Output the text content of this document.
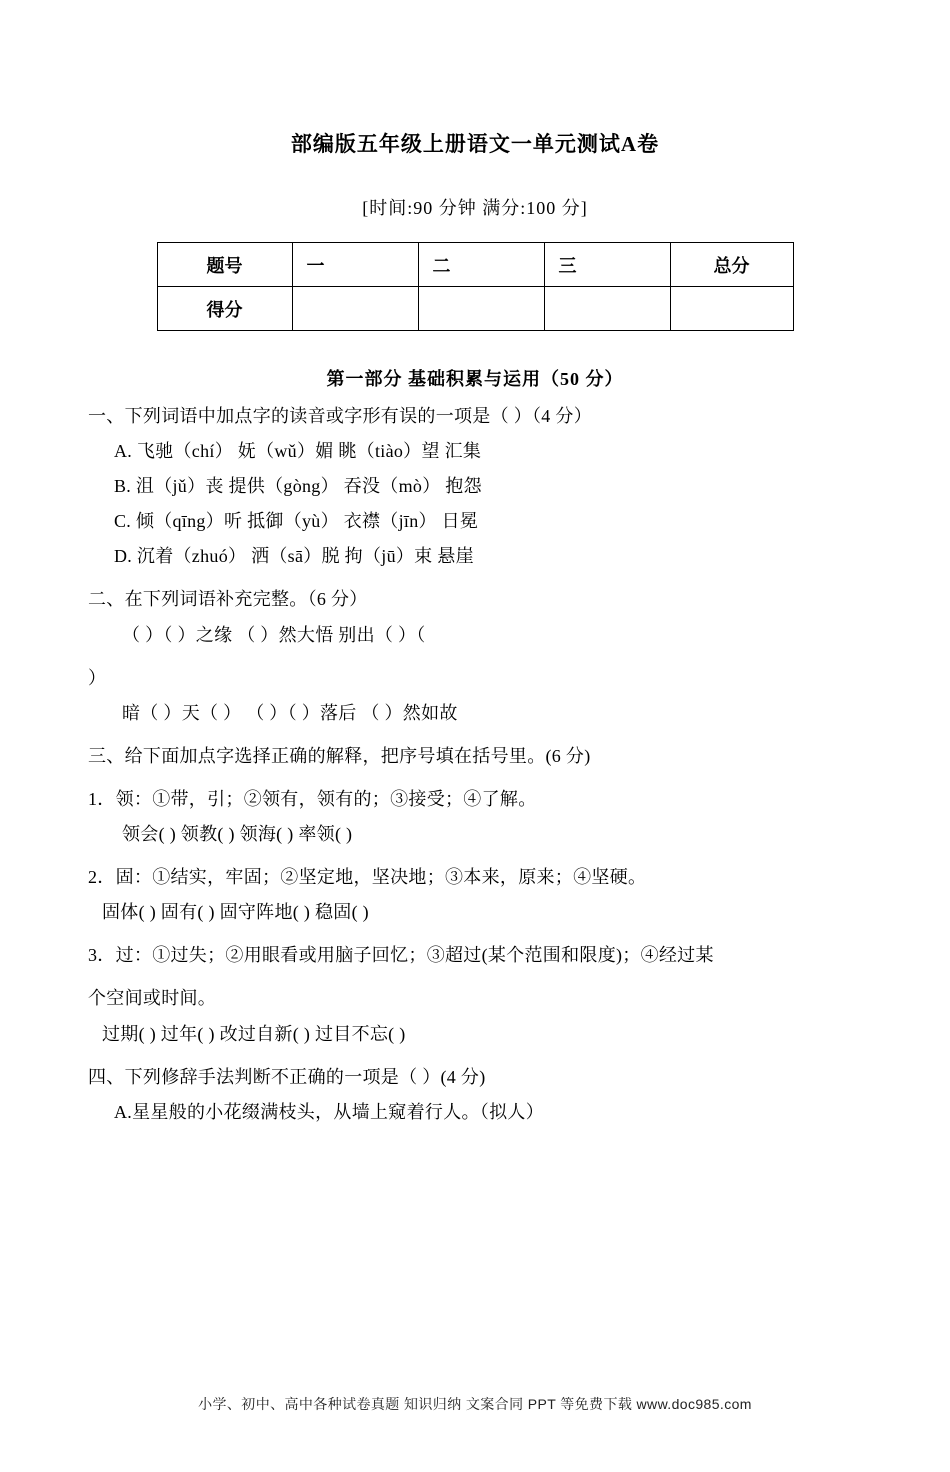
部编版五年级上册语文一单元测试A卷
[时间:90 分钟 满分:100 分]
题号	一	二	三	总分
得分				
第一部分 基础积累与运用（50 分）
一、下列词语中加点字的读音或字形有误的一项是（ ）（4 分）
A. 飞驰（chí） 妩（wǔ）媚 眺（tiào）望 汇集
B. 沮（jǔ）丧 提供（gòng） 吞没（mò） 抱怨
C. 倾（qīng）听 抵御（yù） 衣襟（jīn） 日冕
D. 沉着（zhuó） 洒（sā）脱 拘（jū）束 悬崖
二、在下列词语补充完整。（6 分）
（ ）（ ）之缘 （ ）然大悟 别出（ ）（
）
暗（ ）天（ ） （ ）（ ）落后 （ ）然如故
三、给下面加点字选择正确的解释，把序号填在括号里。(6 分)
1．领：①带，引；②领有，领有的；③接受；④了解。
领会( ) 领教( ) 领海( ) 率领( )
2．固：①结实，牢固；②坚定地，坚决地；③本来，原来；④坚硬。
固体( ) 固有( ) 固守阵地( ) 稳固( )
3．过：①过失；②用眼看或用脑子回忆；③超过(某个范围和限度)；④经过某
个空间或时间。
过期( ) 过年( ) 改过自新( ) 过目不忘( )
四、下列修辞手法判断不正确的一项是（ ）(4 分)
A.星星般的小花缀满枝头，从墙上窥着行人。（拟人）
小学、初中、高中各种试卷真题 知识归纳 文案合同 PPT 等免费下载 www.doc985.com
